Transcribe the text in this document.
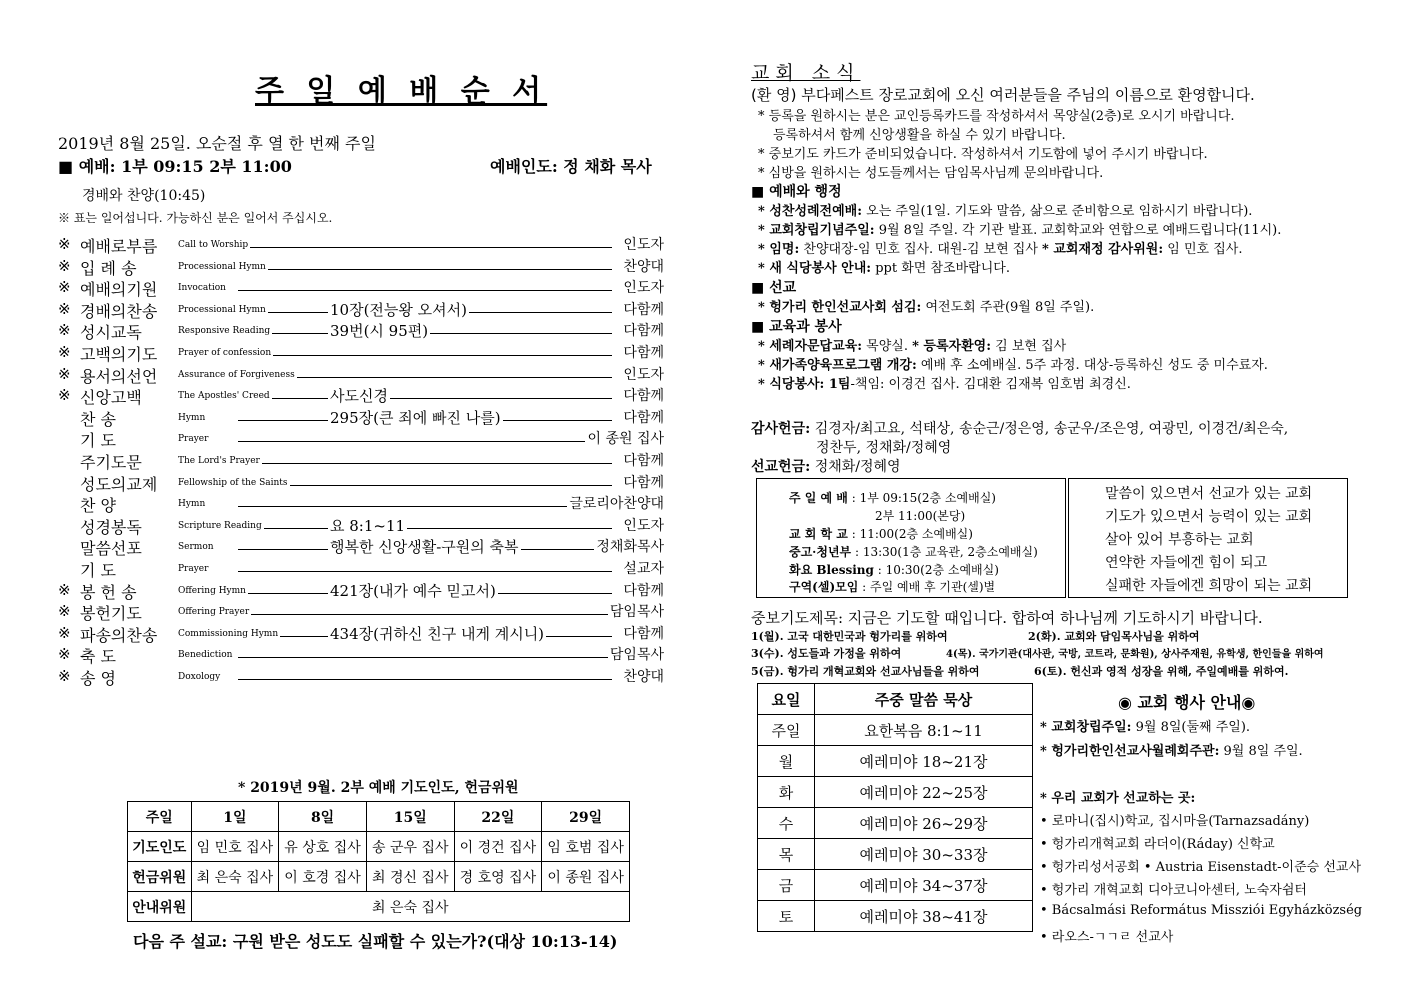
주 일 예 배 순 서
2019년 8월 25일. 오순절 후 열 한 번째 주일
■ 예배: 1부 09:15 2부 11:00	예배인도: 정 채화 목사
경배와 찬양(10:45)
※ 표는 일어섭니다. 가능하신 분은 일어서 주십시오.
※ 예배로부름	Call to Worship	인도자
※ 입 례 송	Processional Hymn	찬양대
※ 예배의기원	Invocation	인도자
※ 경배의찬송	Processional Hymn	10장(전능왕 오셔서)	다함께
※ 성시교독	Responsive Reading	39번(시 95편)	다함께
※ 고백의기도	Prayer of confession	다함께
※ 용서의선언	Assurance of Forgiveness	인도자
※ 신앙고백	The Apostles' Creed	사도신경	다함께
찬 송	Hymn	295장(큰 죄에 빠진 나를)	다함께
기 도	Prayer	이 종원 집사
주기도문	The Lord's Prayer	다함께
성도의교제	Fellowship of the Saints	다함께
찬 양	Hymn	글로리아찬양대
성경봉독	Scripture Reading	요 8:1~11	인도자
말씀선포	Sermon	행복한 신앙생활-구원의 축복	정채화목사
기 도	Prayer	설교자
※ 봉 헌 송	Offering Hymn	421장(내가 예수 믿고서)	다함께
※ 봉헌기도	Offering Prayer	담임목사
※ 파송의찬송	Commissioning Hymn	434장(귀하신 친구 내게 계시니)	다함께
※ 축 도	Benediction	담임목사
※ 송 영	Doxology	찬양대
* 2019년 9월. 2부 예배 기도인도, 헌금위원
주일	1일	8일	15일	22일	29일
기도인도	임 민호 집사	유 상호 집사	송 군우 집사	이 경건 집사	임 호범 집사
헌금위원	최 은숙 집사	이 호경 집사	최 경신 집사	경 호영 집사	이 종원 집사
안내위원	최 은숙 집사				
다음 주 설교: 구원 받은 성도도 실패할 수 있는가?(대상 10:13-14)
교회 소식
(환 영) 부다페스트 장로교회에 오신 여러분들을 주님의 이름으로 환영합니다.
* 등록을 원하시는 분은 교인등록카드를 작성하셔서 목양실(2층)로 오시기 바랍니다.
등록하셔서 함께 신앙생활을 하실 수 있기 바랍니다.
* 중보기도 카드가 준비되었습니다. 작성하셔서 기도함에 넣어 주시기 바랍니다.
* 심방을 원하시는 성도들께서는 담임목사님께 문의바랍니다.
■ 예배와 행정
* 성찬성례전예배: 오는 주일(1일. 기도와 말씀, 삶으로 준비함으로 임하시기 바랍니다).
* 교회창립기념주일: 9월 8일 주일. 각 기관 발표. 교회학교와 연합으로 예배드립니다(11시).
* 임명: 찬양대장-임 민호 집사. 대원-김 보현 집사 * 교회재정 감사위원: 임 민호 집사.
* 새 식당봉사 안내: ppt 화면 참조바랍니다.
■ 선교
* 헝가리 한인선교사회 섬김: 여전도회 주관(9월 8일 주일).
■ 교육과 봉사
* 세례자문답교육: 목양실. * 등록자환영: 김 보현 집사
* 새가족양육프로그램 개강: 예배 후 소예배실. 5주 과정. 대상-등록하신 성도 중 미수료자.
* 식당봉사: 1팀-책임: 이경건 집사. 김대환 김재복 임호범 최경신.
감사헌금: 김경자/최고요, 석태상, 송순근/정은영, 송군우/조은영, 여광민, 이경건/최은숙,
정찬두, 정채화/정혜영
선교헌금: 정채화/정혜영
주 일 예 배 : 1부 09:15(2층 소예배실)
2부 11:00(본당)
교 회 학 교 : 11:00(2층 소예배실)
중고·청년부 : 13:30(1층 교육관, 2층소예배실)
화요 Blessing : 10:30(2층 소예배실)
구역(셀)모임 : 주일 예배 후 기관(셀)별
말씀이 있으면서 선교가 있는 교회
기도가 있으면서 능력이 있는 교회
살아 있어 부흥하는 교회
연약한 자들에겐 힘이 되고
실패한 자들에겐 희망이 되는 교회
중보기도제목: 지금은 기도할 때입니다. 합하여 하나님께 기도하시기 바랍니다.
1(월). 고국 대한민국과 헝가리를 위하여	2(화). 교회와 담임목사님을 위하여
3(수). 성도들과 가정을 위하여	4(목). 국가기관(대사관, 국방, 코트라, 문화원), 상사주재원, 유학생, 한인들을 위하여
5(금). 헝가리 개혁교회와 선교사님들을 위하여	6(토). 헌신과 영적 성장을 위해, 주일예배를 위하여.
요일	주중 말씀 묵상
주일	요한복음 8:1~11
월	예레미야 18~21장
화	예레미야 22~25장
수	예레미야 26~29장
목	예레미야 30~33장
금	예레미야 34~37장
토	예레미야 38~41장
◉ 교회 행사 안내◉
* 교회창립주일: 9월 8일(둘째 주일).
* 헝가리한인선교사월례회주관: 9월 8일 주일.
* 우리 교회가 선교하는 곳:
• 로마니(집시)학교, 집시마을(Tarnazsadány)
• 헝가리개혁교회 라더이(Ráday) 신학교
• 헝가리성서공회 • Austria Eisenstadt-이준승 선교사
• 헝가리 개혁교회 디아코니아센터, 노숙자쉼터
• Bácsalmási Református Missziói Egyházközség
• 라오스-ㄱㄱㄹ 선교사
